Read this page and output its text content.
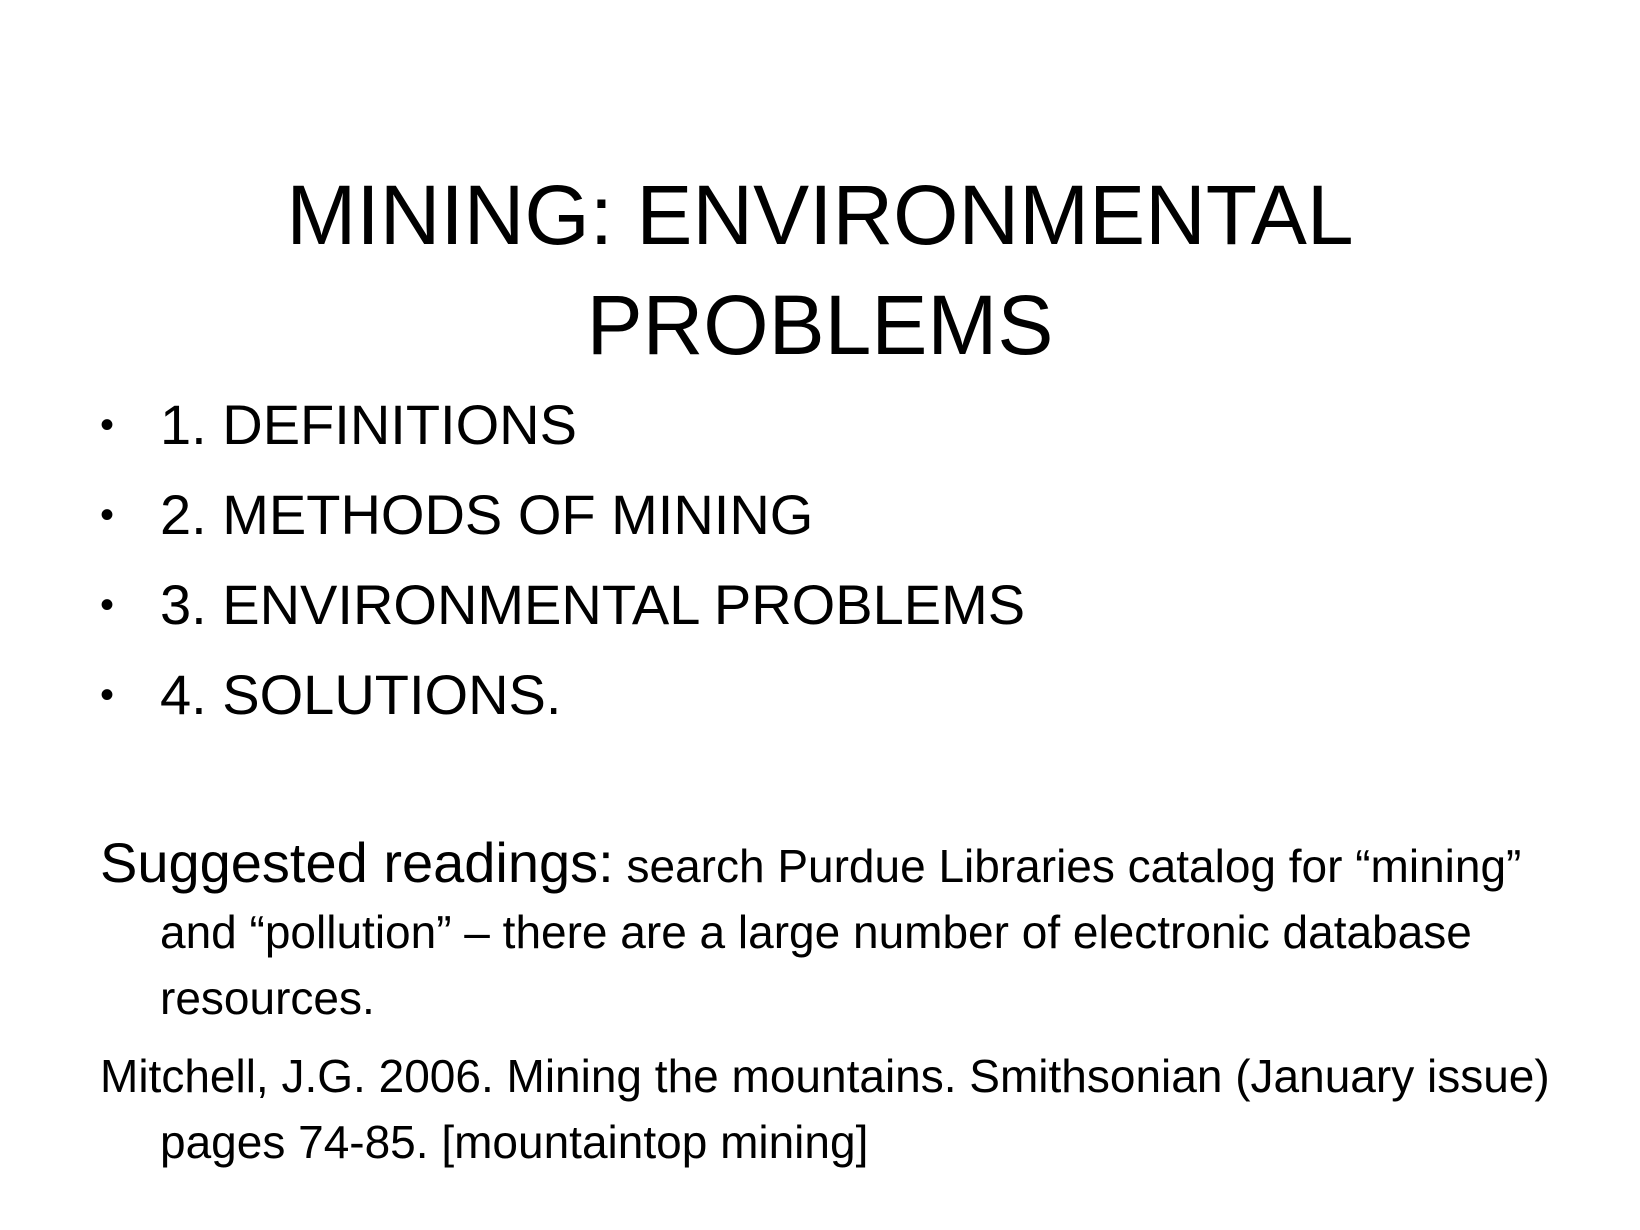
MINING: ENVIRONMENTAL
PROBLEMS
• 1. DEFINITIONS
• 2. METHODS OF MINING
• 3. ENVIRONMENTAL PROBLEMS
• 4. SOLUTIONS.

Suggested readings: search Purdue Libraries catalog for “mining” and “pollution” – there are a large number of electronic database resources.

Mitchell, J.G. 2006. Mining the mountains. Smithsonian (January issue) pages 74-85. [mountaintop mining]
